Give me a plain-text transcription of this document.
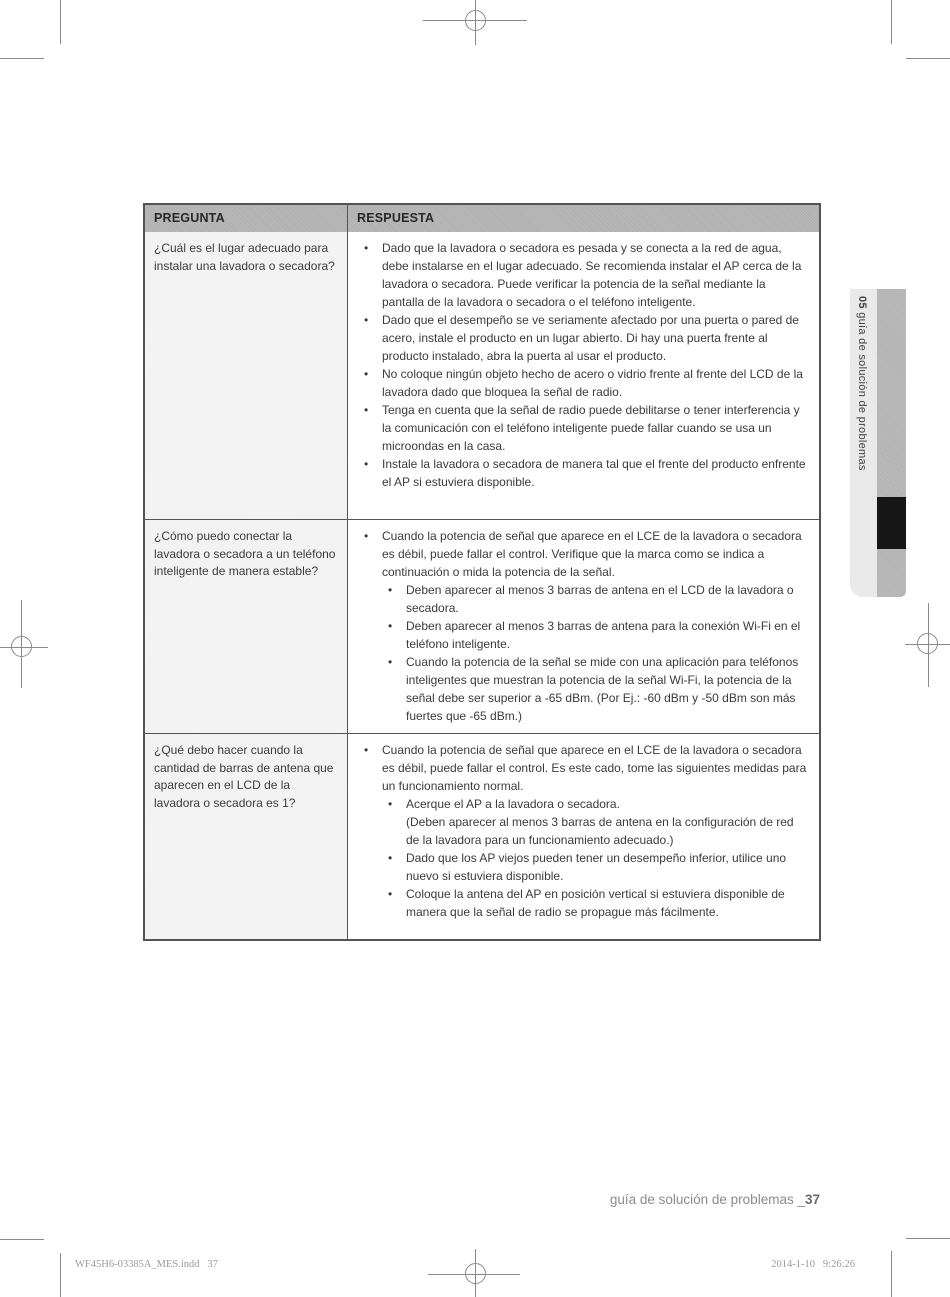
PREGUNTA	RESPUESTA
¿Cuál es el lugar adecuado para instalar una lavadora o secadora?
•	Dado que la lavadora o secadora es pesada y se conecta a la red de agua, debe instalarse en el lugar adecuado. Se recomienda instalar el AP cerca de la lavadora o secadora. Puede verificar la potencia de la señal mediante la pantalla de la lavadora o secadora o el teléfono inteligente.
•	Dado que el desempeño se ve seriamente afectado por una puerta o pared de acero, instale el producto en un lugar abierto. Di hay una puerta frente al producto instalado, abra la puerta al usar el producto.
•	No coloque ningún objeto hecho de acero o vidrio frente al frente del LCD de la lavadora dado que bloquea la señal de radio.
•	Tenga en cuenta que la señal de radio puede debilitarse o tener interferencia y la comunicación con el teléfono inteligente puede fallar cuando se usa un microondas en la casa.
•	Instale la lavadora o secadora de manera tal que el frente del producto enfrente el AP si estuviera disponible.
¿Cómo puedo conectar la lavadora o secadora a un teléfono inteligente de manera estable?
•	Cuando la potencia de señal que aparece en el LCE de la lavadora o secadora es débil, puede fallar el control. Verifique que la marca como se indica a continuación o mida la potencia de la señal.
•	Deben aparecer al menos 3 barras de antena en el LCD de la lavadora o secadora.
•	Deben aparecer al menos 3 barras de antena para la conexión Wi-Fi en el teléfono inteligente.
•	Cuando la potencia de la señal se mide con una aplicación para teléfonos inteligentes que muestran la potencia de la señal Wi-Fi, la potencia de la señal debe ser superior a -65 dBm. (Por Ej.: -60 dBm y -50 dBm son más fuertes que -65 dBm.)
¿Qué debo hacer cuando la cantidad de barras de antena que aparecen en el LCD de la lavadora o secadora es 1?
•	Cuando la potencia de señal que aparece en el LCE de la lavadora o secadora es débil, puede fallar el control. Es este cado, tome las siguientes medidas para un funcionamiento normal.
•	Acerque el AP a la lavadora o secadora.
(Deben aparecer al menos 3 barras de antena en la configuración de red de la lavadora para un funcionamiento adecuado.)
•	Dado que los AP viejos pueden tener un desempeño inferior, utilice uno nuevo si estuviera disponible.
•	Coloque la antena del AP en posición vertical si estuviera disponible de manera que la señal de radio se propague más fácilmente.
05 guía de solución de problemas
guía de solución de problemas _37
WF45H6-03385A_MES.indd   37	2014-1-10   9:26:26
